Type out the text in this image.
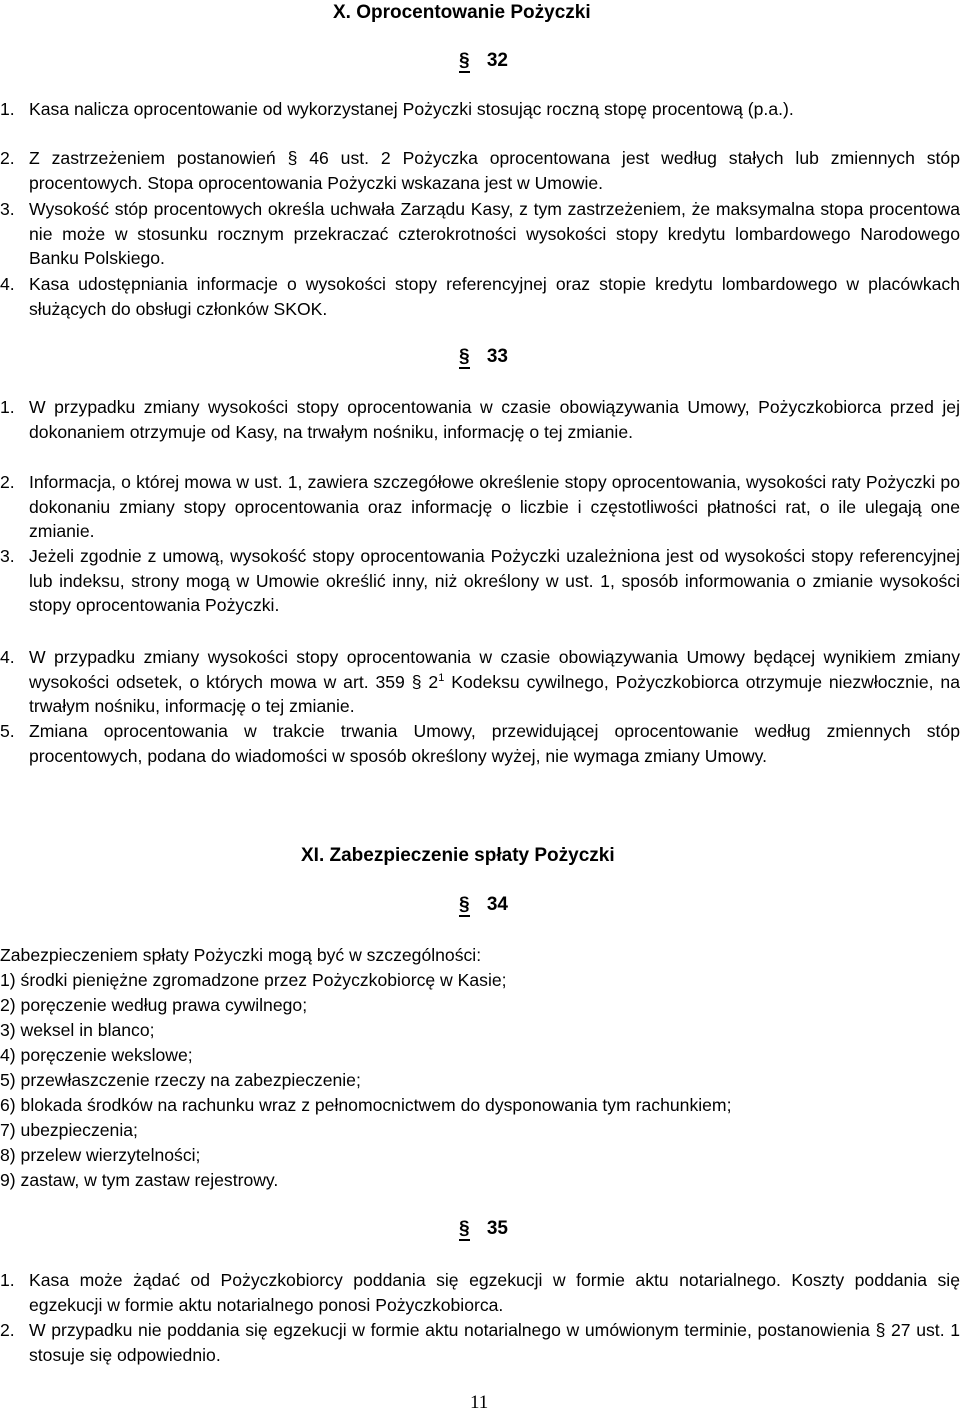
X. Oprocentowanie Pożyczki
§ 32
1. Kasa nalicza oprocentowanie od wykorzystanej Pożyczki stosując roczną stopę procentową (p.a.).
2. Z zastrzeżeniem postanowień § 46 ust. 2 Pożyczka oprocentowana jest według stałych lub zmiennych stóp procentowych. Stopa oprocentowania Pożyczki wskazana jest w Umowie.
3. Wysokość stóp procentowych określa uchwała Zarządu Kasy, z tym zastrzeżeniem, że maksymalna stopa procentowa nie może w stosunku rocznym przekraczać czterokrotności wysokości stopy kredytu lombardowego Narodowego Banku Polskiego.
4. Kasa udostępniania informacje o wysokości stopy referencyjnej oraz stopie kredytu lombardowego w placówkach służących do obsługi członków SKOK.
§ 33
1. W przypadku zmiany wysokości stopy oprocentowania w czasie obowiązywania Umowy, Pożyczkobiorca przed jej dokonaniem otrzymuje od Kasy, na trwałym nośniku, informację o tej zmianie.
2. Informacja, o której mowa w ust. 1, zawiera szczegółowe określenie stopy oprocentowania, wysokości raty Pożyczki po dokonaniu zmiany stopy oprocentowania oraz informację o liczbie i częstotliwości płatności rat, o ile ulegają one zmianie.
3. Jeżeli zgodnie z umową, wysokość stopy oprocentowania Pożyczki uzależniona jest od wysokości stopy referencyjnej lub indeksu, strony mogą w Umowie określić inny, niż określony w ust. 1, sposób informowania o zmianie wysokości stopy oprocentowania Pożyczki.
4. W przypadku zmiany wysokości stopy oprocentowania w czasie obowiązywania Umowy będącej wynikiem zmiany wysokości odsetek, o których mowa w art. 359 § $2^1$ Kodeksu cywilnego, Pożyczkobiorca otrzymuje niezwłocznie, na trwałym nośniku, informację o tej zmianie.
5. Zmiana oprocentowania w trakcie trwania Umowy, przewidującej oprocentowanie według zmiennych stóp procentowych, podana do wiadomości w sposób określony wyżej, nie wymaga zmiany Umowy.
XI. Zabezpieczenie spłaty Pożyczki
§ 34
Zabezpieczeniem spłaty Pożyczki mogą być w szczególności:
1) środki pieniężne zgromadzone przez Pożyczkobiorcę w Kasie;
2) poręczenie według prawa cywilnego;
3) weksel in blanco;
4) poręczenie wekslowe;
5) przewłaszczenie rzeczy na zabezpieczenie;
6) blokada środków na rachunku wraz z pełnomocnictwem do dysponowania tym rachunkiem;
7) ubezpieczenia;
8) przelew wierzytelności;
9) zastaw, w tym zastaw rejestrowy.
§ 35
1. Kasa może żądać od Pożyczkobiorcy poddania się egzekucji w formie aktu notarialnego. Koszty poddania się egzekucji w formie aktu notarialnego ponosi Pożyczkobiorca.
2. W przypadku nie poddania się egzekucji w formie aktu notarialnego w umówionym terminie, postanowienia § 27 ust. 1 stosuje się odpowiednio.
11
